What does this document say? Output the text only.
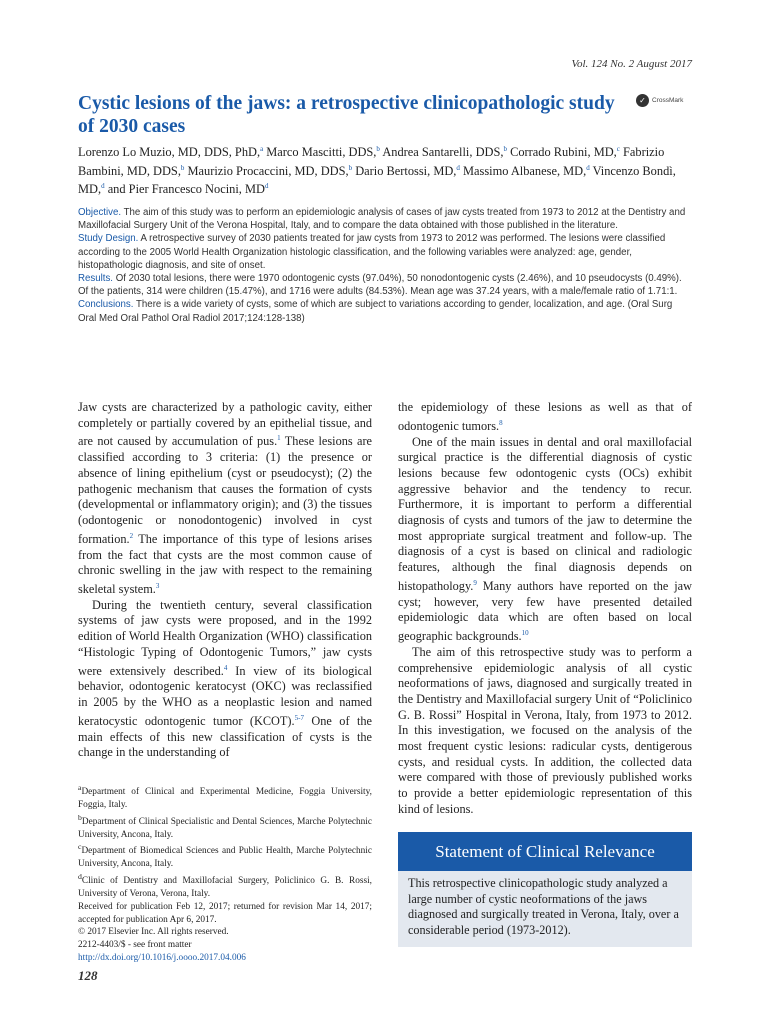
Vol. 124 No. 2 August 2017
Cystic lesions of the jaws: a retrospective clinicopathologic study of 2030 cases
✓ CrossMark
Lorenzo Lo Muzio, MD, DDS, PhD,$^a$ Marco Mascitti, DDS,$^b$ Andrea Santarelli, DDS,$^b$ Corrado Rubini, MD,$^c$ Fabrizio Bambini, MD, DDS,$^b$ Maurizio Procaccini, MD, DDS,$^b$ Dario Bertossi, MD,$^d$ Massimo Albanese, MD,$^d$ Vincenzo Bondì, MD,$^d$ and Pier Francesco Nocini, $MD^d$

Objective. The aim of this study was to perform an epidemiologic analysis of cases of jaw cysts treated from 1973 to 2012 at the Dentistry and Maxillofacial Surgery Unit of the Verona Hospital, Italy, and to compare the data obtained with those published in the literature.

Study Design. A retrospective survey of 2030 patients treated for jaw cysts from 1973 to 2012 was performed. The lesions were classified according to the 2005 World Health Organization histologic classification, and the following variables were analyzed: age, gender, histopathologic diagnosis, and site of onset.

Results. Of 2030 total lesions, there were 1970 odontogenic cysts (97.04%), 50 nonodontogenic cysts (2.46%), and 10 pseudocysts (0.49%). Of the patients, 314 were children (15.47%), and 1716 were adults (84.53%). Mean age was 37.24 years, with a male/female ratio of 1.71:1.

Conclusions. There is a wide variety of cysts, some of which are subject to variations according to gender, localization, and age. (Oral Surg Oral Med Oral Pathol Oral Radiol 2017;124:128-138)

Jaw cysts are characterized by a pathologic cavity, either completely or partially covered by an epithelial tissue, and are not caused by accumulation of pus.$^1$ These lesions are classified according to 3 criteria: (1) the presence or absence of lining epithelium (cyst or pseudocyst); (2) the pathogenic mechanism that causes the formation of cysts (developmental or inflammatory origin); and (3) the tissues (odontogenic or nonodontogenic) involved in cyst formation.$^2$ The importance of this type of lesions arises from the fact that cysts are the most common cause of chronic swelling in the jaw with respect to the remaining skeletal system.$^3$

During the twentieth century, several classification systems of jaw cysts were proposed, and in the 1992 edition of World Health Organization (WHO) classification “Histologic Typing of Odontogenic Tumors,” jaw cysts were extensively described.$^4$ In view of its biological behavior, odontogenic keratocyst (OKC) was reclassified in 2005 by the WHO as a neoplastic lesion and named keratocystic odontogenic tumor (KCOT).$^{5-7}$ One of the main effects of this new classification of cysts is the change in the understanding of

the epidemiology of these lesions as well as that of odontogenic tumors.$^8$

One of the main issues in dental and oral maxillofacial surgical practice is the differential diagnosis of cystic lesions because few odontogenic cysts (OCs) exhibit aggressive behavior and the tendency to recur. Furthermore, it is important to perform a differential diagnosis of cysts and tumors of the jaw to determine the most appropriate surgical treatment and follow-up. The diagnosis of a cyst is based on clinical and radiologic features, although the final diagnosis depends on histopathology.$^9$ Many authors have reported on the jaw cyst; however, very few have presented detailed epidemiologic data which are often based on local geographic backgrounds.$^{10}$

The aim of this retrospective study was to perform a comprehensive epidemiologic analysis of all cystic neoformations of jaws, diagnosed and surgically treated in the Dentistry and Maxillofacial surgery Unit of “Policlinico G. B. Rossi” Hospital in Verona, Italy, from 1973 to 2012. In this investigation, we focused on the analysis of the most frequent cystic lesions: radicular cysts, dentigerous cysts, and residual cysts. In addition, the collected data were compared with those of previously published works to provide a better epidemiologic representation of this kind of lesions.

$^a$Department of Clinical and Experimental Medicine, Foggia University, Foggia, Italy.

$^b$Department of Clinical Specialistic and Dental Sciences, Marche Polytechnic University, Ancona, Italy.

$^c$Department of Biomedical Sciences and Public Health, Marche Polytechnic University, Ancona, Italy.

$^d$Clinic of Dentistry and Maxillofacial Surgery, Policlinico G. B. Rossi, University of Verona, Verona, Italy.

Received for publication Feb 12, 2017; returned for revision Mar 14, 2017; accepted for publication Apr 6, 2017.

© 2017 Elsevier Inc. All rights reserved.

2212-4403/$ - see front matter

http://dx.doi.org/10.1016/j.oooo.2017.04.006

Statement of Clinical Relevance
This retrospective clinicopathologic study analyzed a large number of cystic neoformations of the jaws diagnosed and surgically treated in Verona, Italy, over a considerable period (1973-2012).
128
